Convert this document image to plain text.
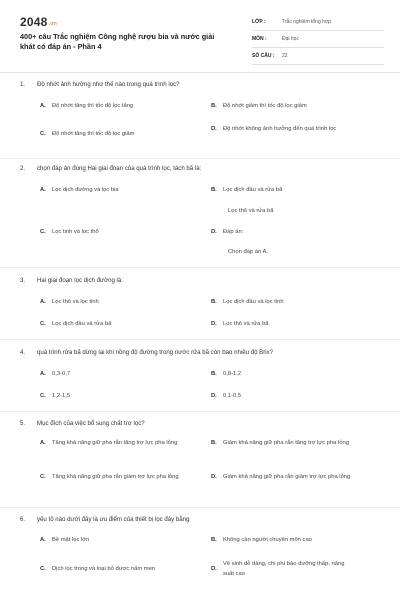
2048.vn
400+ câu Trắc nghiệm Công nghệ rượu bia và nước giải khát có đáp án - Phần 4
LỚP :	Trắc nghiệm tổng hợp
MÔN :	Đại học
SỐ CÂU :	22
1. Độ nhớt ảnh hưởng như thế nào trong quá trình lọc?
A.	Độ nhớt tăng thì tốc độ lọc tăng	B.	Độ nhớt giảm thì tốc độ lọc giảm
C.	Độ nhớt tăng thì tốc độ lọc giảm
D.	Độ nhớt không ảnh hưởng đến quá trình lọc
2. chọn đáp án đúng Hai giai đoạn của quá trình lọc, tách bã là:
A.	Lọc dịch đường và lọc bia	B.	Lọc dịch đầu và rửa bã
Lọc thô và rửa bã
C.	Lọc tinh và lọc thô	D.	Đáp án:
Chọn đáp án A.
3. Hai giai đoạn lọc dịch đường là:
A.	Lọc thô và lọc tinh	B.	Lọc dịch đầu và lọc tinh
C.	Lọc dịch đầu và rửa bã	D.	Lọc thô và rửa bã
4. quá trình rửa bã dừng lại khi nồng độ đường trong nước rửa bã còn bao nhiêu độ Brix?
A.	0,3-0,7	B.	0,8-1,2
C.	1,2-1,5	D.	0,1-0,5
5. Mục đích của việc bổ sung chất trợ lọc?
A.	Tăng khả năng giữ pha rắn tăng trợ lực pha lỏng	B.	Giảm khả năng giữ pha rắn tăng trợ lực pha lỏng
C.	Tăng khả năng giữ pha rắn giảm trợ lực pha lỏng	D.	Giảm khả năng giữ pha rắn giảm trợ lực pha lỏng
6. yếu tố nào dưới đây là ưu điểm của thiết bị lọc đáy bằng
A.	Bề mặt lọc lớn	B.	Không cần người chuyên môn cao
C.	Dịch lọc trong và loại bỏ được nấm men	D.
Vệ sinh dễ dàng, chi phí bảo dưỡng thấp, năng suất cao
